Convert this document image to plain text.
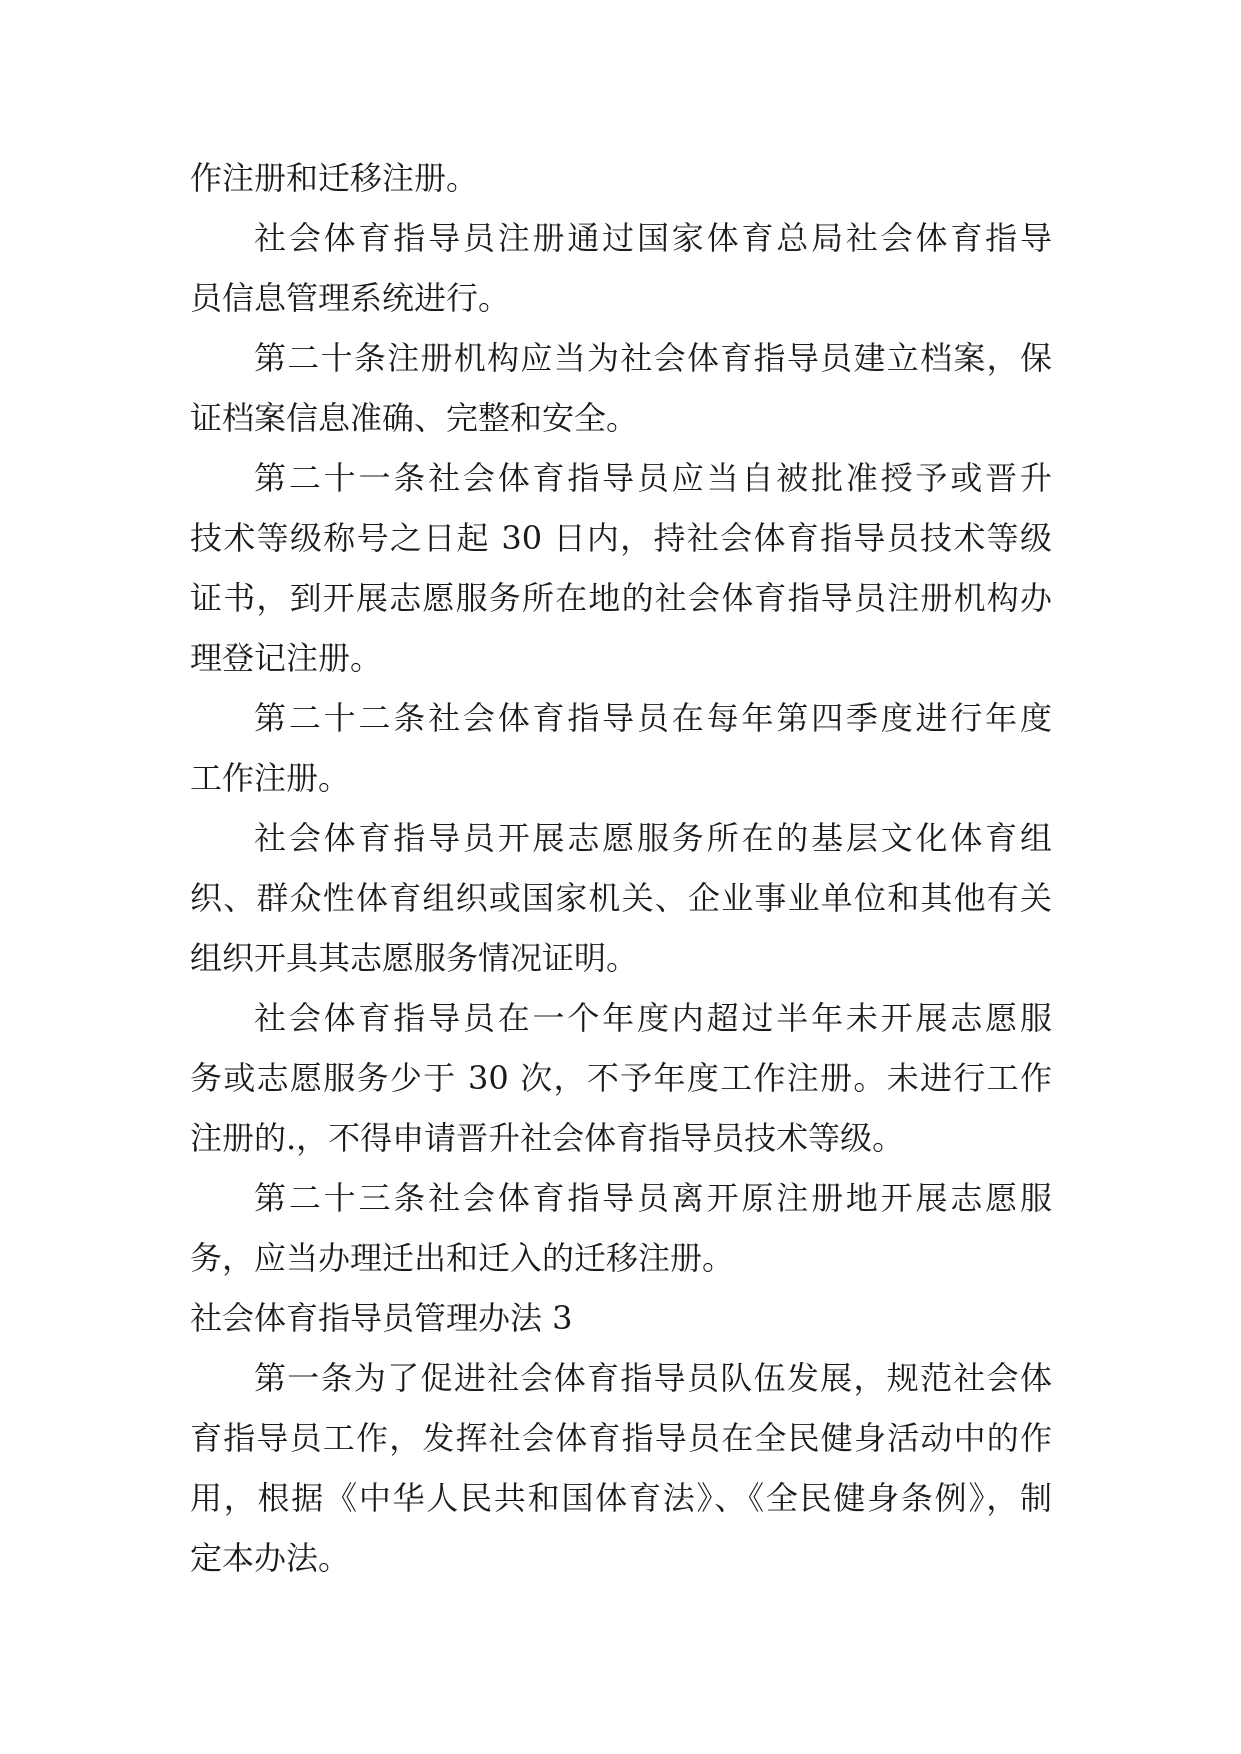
作注册和迁移注册。
社会体育指导员注册通过国家体育总局社会体育指导
员信息管理系统进行。
第二十条注册机构应当为社会体育指导员建立档案，保
证档案信息准确、完整和安全。
第二十一条社会体育指导员应当自被批准授予或晋升
技术等级称号之日起 30 日内，持社会体育指导员技术等级
证书，到开展志愿服务所在地的社会体育指导员注册机构办
理登记注册。
第二十二条社会体育指导员在每年第四季度进行年度
工作注册。
社会体育指导员开展志愿服务所在的基层文化体育组
织、群众性体育组织或国家机关、企业事业单位和其他有关
组织开具其志愿服务情况证明。
社会体育指导员在一个年度内超过半年未开展志愿服
务或志愿服务少于 30 次，不予年度工作注册。未进行工作
注册的.，不得申请晋升社会体育指导员技术等级。
第二十三条社会体育指导员离开原注册地开展志愿服
务，应当办理迁出和迁入的迁移注册。
社会体育指导员管理办法 3
第一条为了促进社会体育指导员队伍发展，规范社会体
育指导员工作，发挥社会体育指导员在全民健身活动中的作
用，根据《中华人民共和国体育法》、《全民健身条例》，制
定本办法。
